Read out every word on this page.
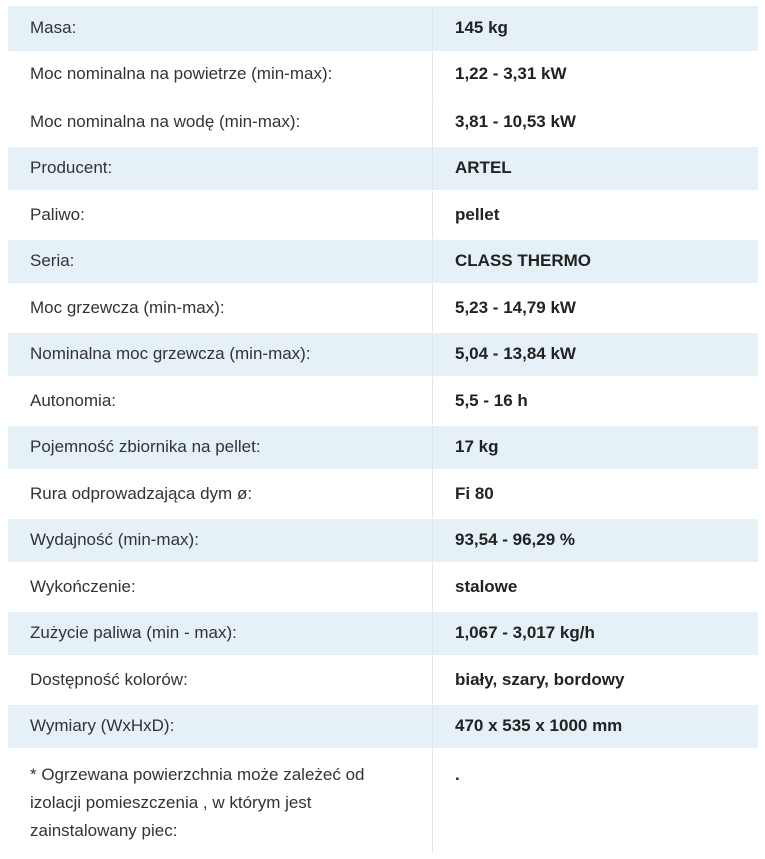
Masa:	145 kg
Moc nominalna na powietrze (min-max):	1,22 - 3,31 kW
Moc nominalna na wodę (min-max):	3,81 - 10,53 kW
Producent:	ARTEL
Paliwo:	pellet
Seria:	CLASS THERMO
Moc grzewcza (min-max):	5,23 - 14,79 kW
Nominalna moc grzewcza (min-max):	5,04 - 13,84 kW
Autonomia:	5,5 - 16 h
Pojemność zbiornika na pellet:	17 kg
Rura odprowadzająca dym ø:	Fi 80
Wydajność (min-max):	93,54 - 96,29 %
Wykończenie:	stalowe
Zużycie paliwa (min - max):	1,067 - 3,017 kg/h
Dostępność kolorów:	biały, szary, bordowy
Wymiary (WxHxD):	470 x 535 x 1000 mm
* Ogrzewana powierzchnia może zależeć od izolacji pomieszczenia , w którym jest zainstalowany piec:	.
